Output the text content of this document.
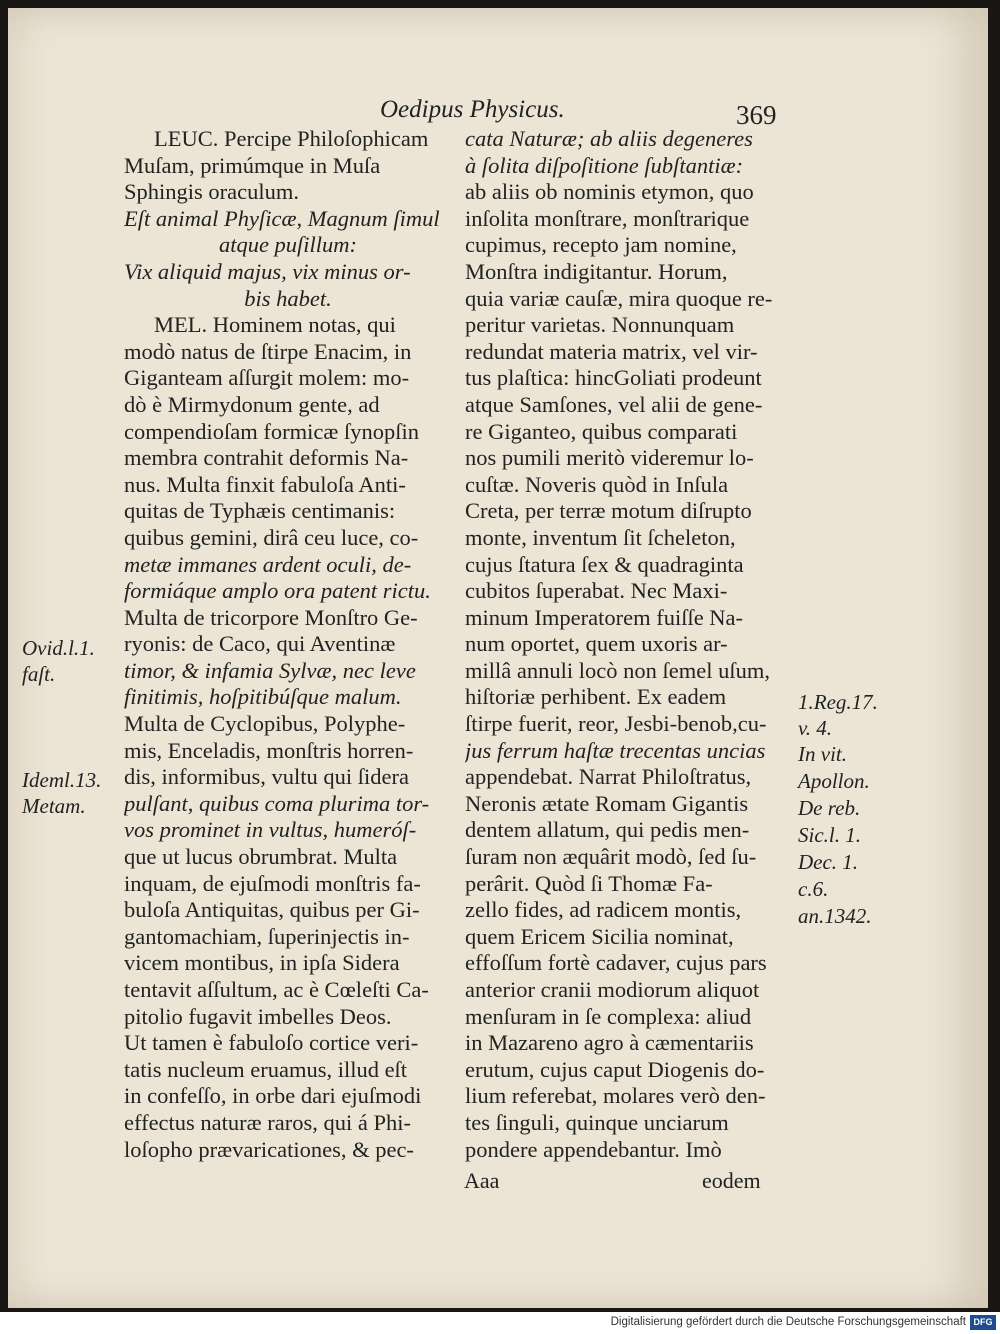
Oedipus Physicus.	369
LEUC. Percipe Philoſophicam
Muſam, primúmque in Muſa
Sphingis oraculum.
Eſt animal Phyſicæ, Magnum ſimul
atque puſillum:
Vix aliquid majus, vix minus or-
bis habet.
MEL. Hominem notas, qui
modò natus de ſtirpe Enacim, in
Giganteam aſſurgit molem: mo-
dò è Mirmydonum gente, ad
compendioſam formicæ ſynopſin
membra contrahit deformis Na-
nus. Multa finxit fabuloſa Anti-
quitas de Typhæis centimanis:
quibus gemini, dirâ ceu luce, co-
metæ immanes ardent oculi, de-
formiáque amplo ora patent rictu.
Multa de tricorpore Monſtro Ge-
ryonis: de Caco, qui Aventinæ
timor, & infamia Sylvæ, nec leve
finitimis, hoſpitibúſque malum.
Multa de Cyclopibus, Polyphe-
mis, Enceladis, monſtris horren-
dis, informibus, vultu qui ſidera
pulſant, quibus coma plurima tor-
vos prominet in vultus, humeróſ-
que ut lucus obrumbrat. Multa
inquam, de ejuſmodi monſtris fa-
buloſa Antiquitas, quibus per Gi-
gantomachiam, ſuperinjectis in-
vicem montibus, in ipſa Sidera
tentavit aſſultum, ac è Cœleſti Ca-
pitolio fugavit imbelles Deos.
Ut tamen è fabuloſo cortice veri-
tatis nucleum eruamus, illud eſt
in confeſſo, in orbe dari ejuſmodi
effectus naturæ raros, qui á Phi-
loſopho prævaricationes, & pec-
cata Naturæ; ab aliis degeneres
à ſolita diſpoſitione ſubſtantiæ:
ab aliis ob nominis etymon, quo
inſolita monſtrare, monſtrarique
cupimus, recepto jam nomine,
Monſtra indigitantur. Horum,
quia variæ cauſæ, mira quoque re-
peritur varietas. Nonnunquam
redundat materia matrix, vel vir-
tus plaſtica: hincGoliati prodeunt
atque Samſones, vel alii de gene-
re Giganteo, quibus comparati
nos pumili meritò videremur lo-
cuſtæ. Noveris quòd in Inſula
Creta, per terræ motum diſrupto
monte, inventum ſit ſcheleton,
cujus ſtatura ſex & quadraginta
cubitos ſuperabat. Nec Maxi-
minum Imperatorem fuiſſe Na-
num oportet, quem uxoris ar-
millâ annuli locò non ſemel uſum,
hiſtoriæ perhibent. Ex eadem
ſtirpe fuerit, reor, Jesbi-benob,cu-
jus ferrum haſtæ trecentas uncias
appendebat. Narrat Philoſtratus,
Neronis ætate Romam Gigantis
dentem allatum, qui pedis men-
ſuram non æquârit modò, ſed ſu-
perârit. Quòd ſi Thomæ Fa-
zello fides, ad radicem montis,
quem Ericem Sicilia nominat,
effoſſum fortè cadaver, cujus pars
anterior cranii modiorum aliquot
menſuram in ſe complexa: aliud
in Mazareno agro à cæmentariis
erutum, cujus caput Diogenis do-
lium referebat, molares verò den-
tes ſinguli, quinque unciarum
pondere appendebantur. Imò
Ovid.l.1.
faſt.
Ideml.13.
Metam.
1.Reg.17.
v. 4.
In vit.
Apollon.
De reb.
Sic.l. 1.
Dec. 1.
c.6.
an.1342.
Aaa	eodem
Digitalisierung gefördert durch die Deutsche Forschungsgemeinschaft DFG
